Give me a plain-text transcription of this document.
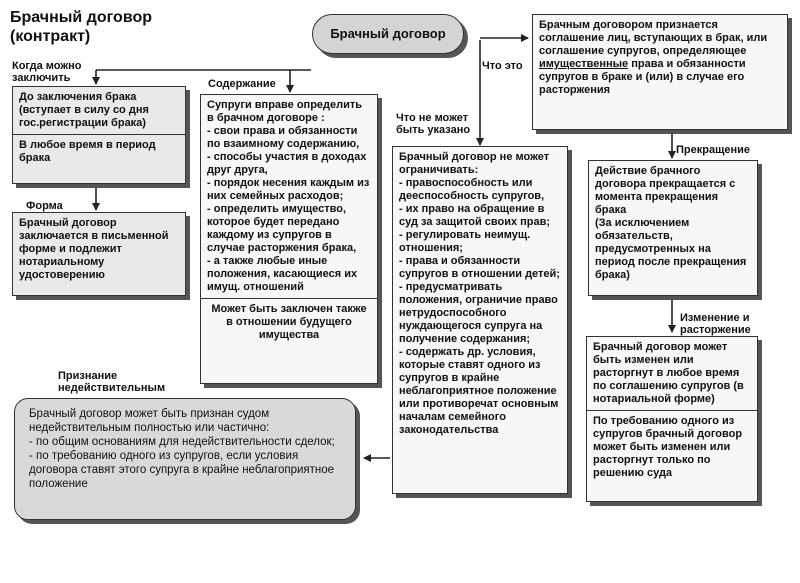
Брачный договор
(контракт)	Брачный договор
Когда можно
заключить	Содержание
Форма
Что не может
быть указано
Что это
Прекращение
Изменение и
расторжение
Признание
недействительным
Брачным договором признается соглашение лиц, вступающих в брак, или соглашение супругов, определяющее имущественные права и обязанности супругов в браке и (или) в случае его расторжения
До заключения брака (вступает в силу со дня гос.регистрации брака)
В любое время в период брака
Брачный договор заключается в письменной форме и подлежит нотариальному удостоверению
Супруги вправе определить в брачном договоре :
- свои права и обязанности по взаимному содержанию,
- способы участия в доходах друг друга,
- порядок несения каждым из них семейных расходов;
- определить имущество, которое будет передано каждому из супругов в случае расторжения брака,
- а также любые иные положения, касающиеся их имущ. отношений
Может быть заключен также в отношении будущего имущества
Брачный договор не может ограничивать:
- правоспособность или дееспособность супругов,
- их право на обращение в суд за защитой своих прав;
- регулировать неимущ. отношения;
- права и обязанности супругов в отношении детей;
- предусматривать положения, ограничие право нетрудоспособного нуждающегося супруга на получение содержания;
- содержать др. условия, которые ставят одного из супругов в крайне неблагоприятное положение или противоречат основным началам семейного законодательства
Действие брачного договора прекращается с момента прекращения брака
(За исключением обязательств, предусмотренных на период после прекращения брака)
Брачный договор может быть изменен или расторгнут в любое время по соглашению супругов (в нотариальной форме)
По требованию одного из супругов брачный договор может быть изменен или расторгнут только по решению суда
Брачный договор может быть признан судом недействительным полностью или частично:
- по общим основаниям для недействительности сделок;
- по требованию одного из супругов, если условия договора ставят этого супруга в крайне неблагоприятное положение
